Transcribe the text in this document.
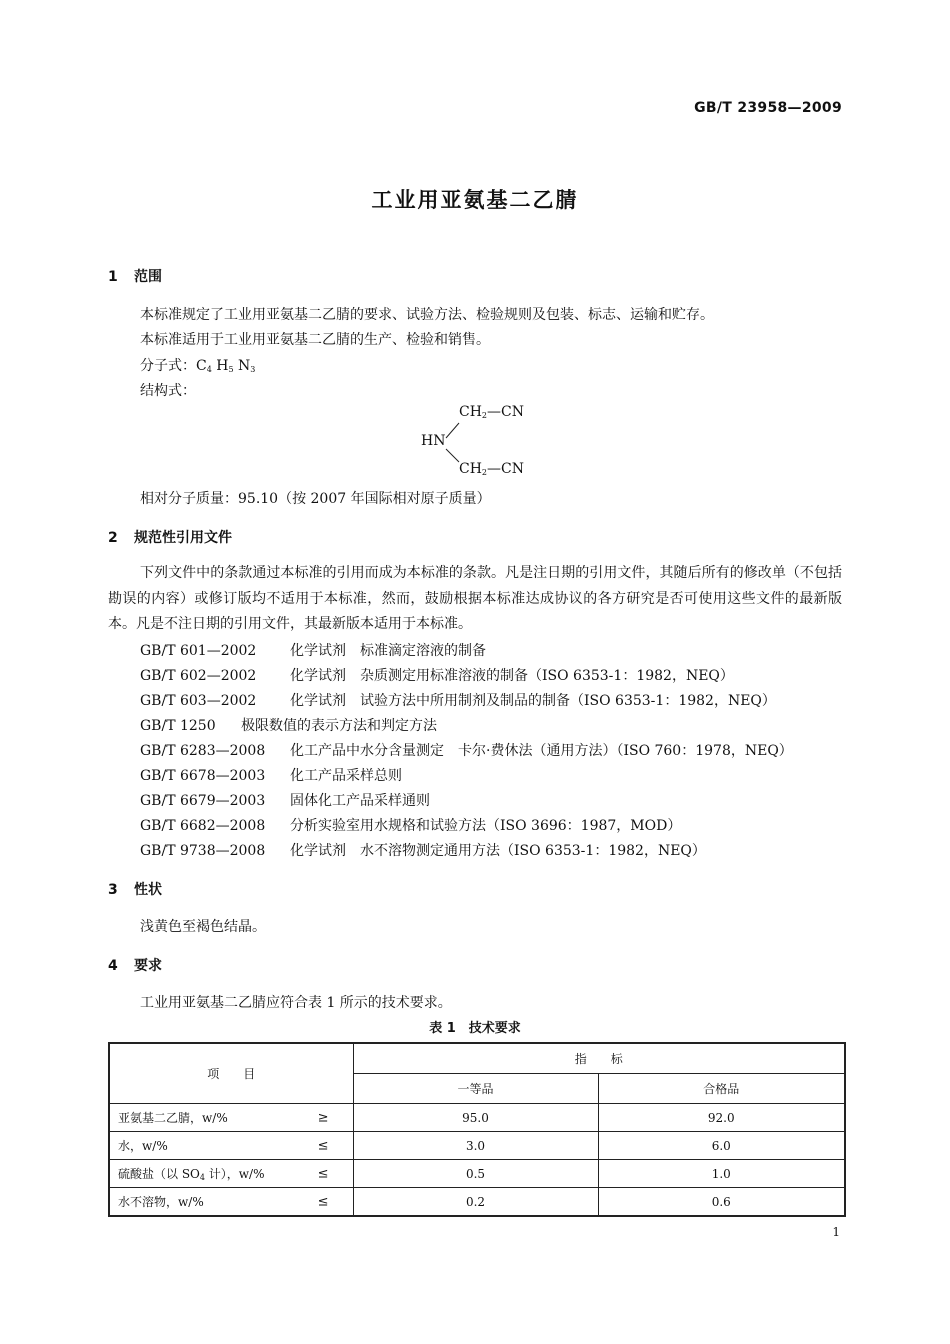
GB/T 23958—2009
工业用亚氨基二乙腈
1 范围
本标准规定了工业用亚氨基二乙腈的要求、试验方法、检验规则及包装、标志、运输和贮存。
本标准适用于工业用亚氨基二乙腈的生产、检验和销售。
分子式：$C_4$ $H_5$ $N_3$
结构式：
$CH_2—CN$
HN
$CH_2—CN$
相对分子质量：95.10（按 2007 年国际相对原子质量）
2 规范性引用文件
下列文件中的条款通过本标准的引用而成为本标准的条款。凡是注日期的引用文件，其随后所有的修改单（不包括勘误的内容）或修订版均不适用于本标准，然而，鼓励根据本标准达成协议的各方研究是否可使用这些文件的最新版本。凡是不注日期的引用文件，其最新版本适用于本标准。
GB/T 601—2002 化学试剂　标准滴定溶液的制备
GB/T 602—2002 化学试剂　杂质测定用标准溶液的制备（ISO 6353-1：1982，NEQ）
GB/T 603—2002 化学试剂　试验方法中所用制剂及制品的制备（ISO 6353-1：1982，NEQ）
GB/T 1250 极限数值的表示方法和判定方法
GB/T 6283—2008 化工产品中水分含量测定　卡尔·费休法（通用方法）（ISO 760：1978，NEQ）
GB/T 6678—2003 化工产品采样总则
GB/T 6679—2003 固体化工产品采样通则
GB/T 6682—2008 分析实验室用水规格和试验方法（ISO 3696：1987，MOD）
GB/T 9738—2008 化学试剂　水不溶物测定通用方法（ISO 6353-1：1982，NEQ）
3 性状
浅黄色至褐色结晶。
4 要求
工业用亚氨基二乙腈应符合表 1 所示的技术要求。
表 1　技术要求
项　　目	指　　标	
	一等品	合格品
亚氨基二乙腈，w/% ≥	95.0	92.0
水，w/% ≤	3.0	6.0
硫酸盐（以 $SO_4$ 计），w/% ≤	0.5	1.0
水不溶物，w/% ≤	0.2	0.6
1
